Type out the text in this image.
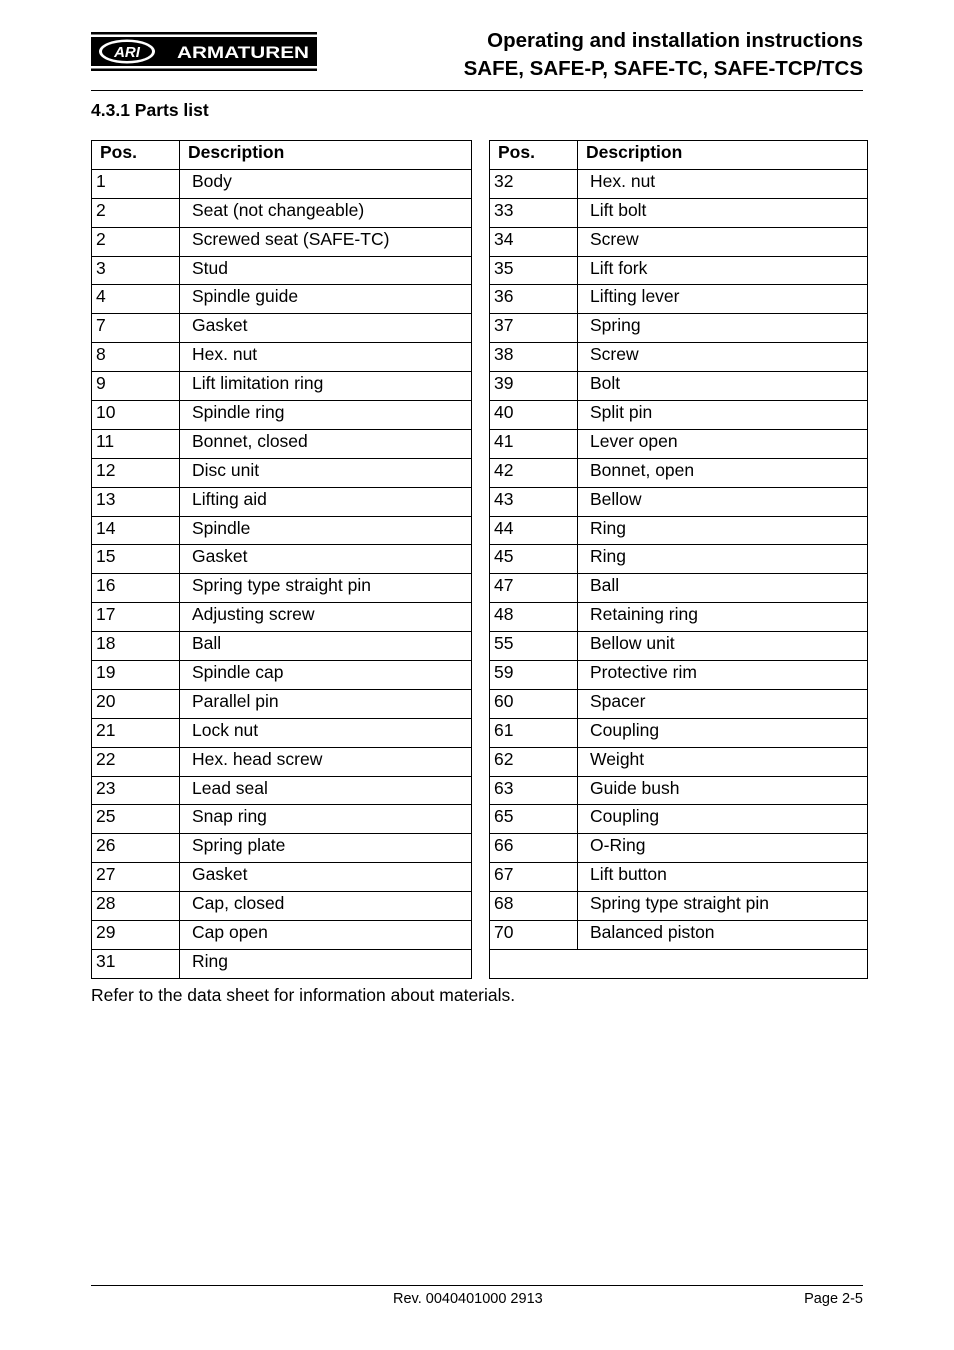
ARI ARMATUREN
Operating and installation instructions
SAFE, SAFE-P, SAFE-TC, SAFE-TCP/TCS
4.3.1 Parts list
Pos.	Description
1	Body
2	Seat (not changeable)
2	Screwed seat (SAFE-TC)
3	Stud
4	Spindle guide
7	Gasket
8	Hex. nut
9	Lift limitation ring
10	Spindle ring
11	Bonnet, closed
12	Disc unit
13	Lifting aid
14	Spindle
15	Gasket
16	Spring type straight pin
17	Adjusting screw
18	Ball
19	Spindle cap
20	Parallel pin
21	Lock nut
22	Hex. head screw
23	Lead seal
25	Snap ring
26	Spring plate
27	Gasket
28	Cap, closed
29	Cap open
31	Ring
Pos.	Description
32	Hex. nut
33	Lift bolt
34	Screw
35	Lift fork
36	Lifting lever
37	Spring
38	Screw
39	Bolt
40	Split pin
41	Lever open
42	Bonnet, open
43	Bellow
44	Ring
45	Ring
47	Ball
48	Retaining ring
55	Bellow unit
59	Protective rim
60	Spacer
61	Coupling
62	Weight
63	Guide bush
65	Coupling
66	O-Ring
67	Lift button
68	Spring type straight pin
70	Balanced piston

Refer to the data sheet for information about materials.
Rev. 0040401000 2913	Page 2-5
